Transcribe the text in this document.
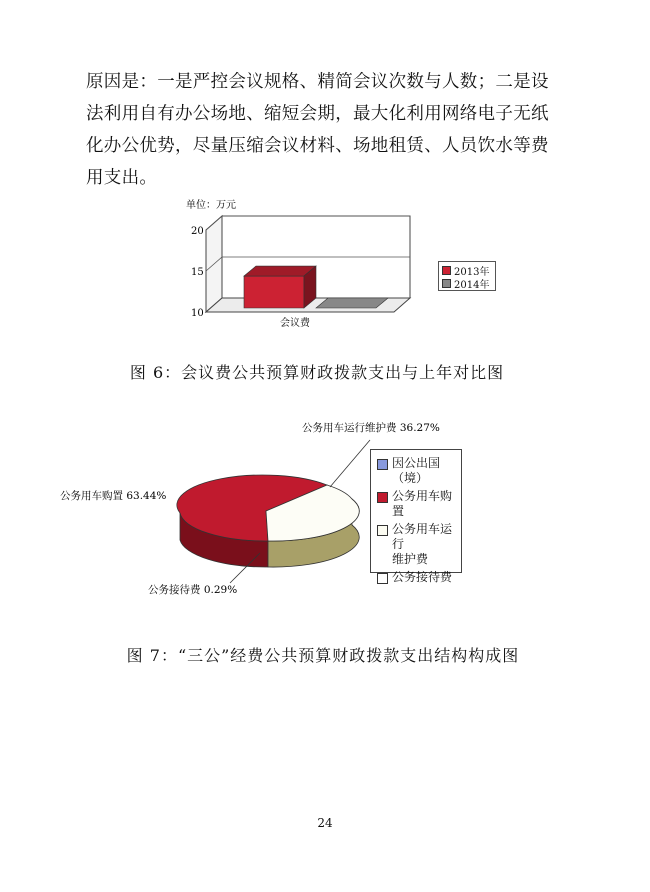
原因是：一是严控会议规格、精简会议次数与人数；二是设
法利用自有办公场地、缩短会期，最大化利用网络电子无纸
化办公优势，尽量压缩会议材料、场地租赁、人员饮水等费
用支出。
单位：万元
10
15
20
会议费
2013年
2014年
图 6：会议费公共预算财政拨款支出与上年对比图
公务用车购置 63.44%
公务用车运行维护费 36.27%
公务接待费 0.29%
因公出国
（境）
公务用车购置
公务用车运行
维护费
公务接待费
图 7：“三公”经费公共预算财政拨款支出结构构成图
24
